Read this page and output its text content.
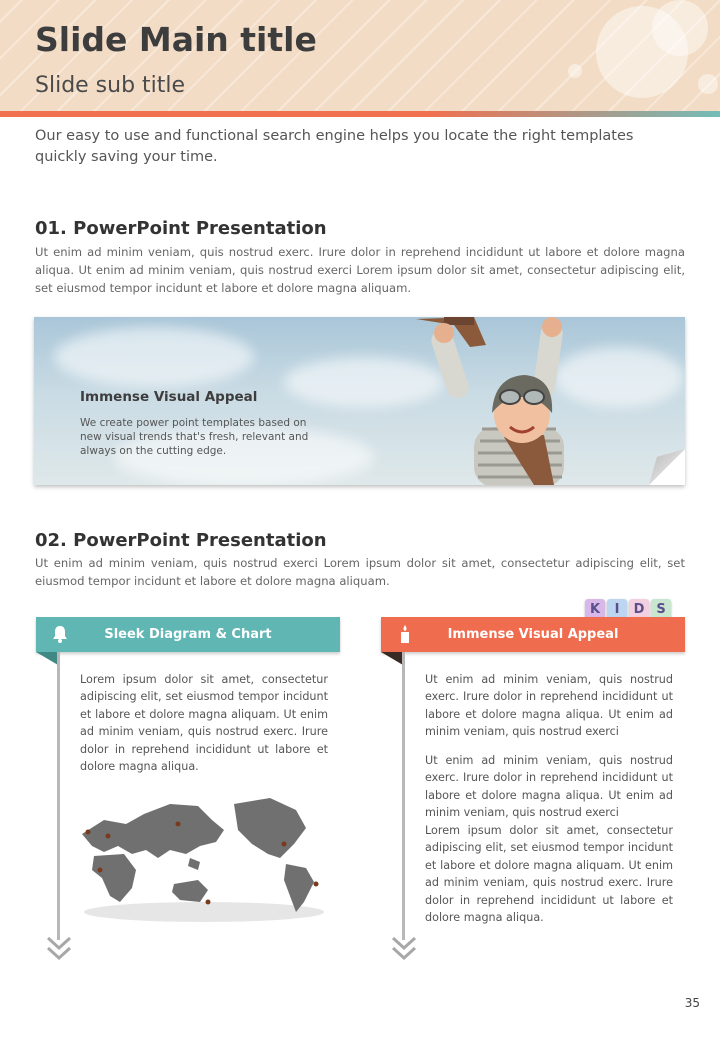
Slide Main title

Slide sub title

Our easy to use and functional search engine helps you locate the right templates quickly saving your time.

01. PowerPoint Presentation

Ut enim ad minim veniam, quis nostrud exerc. Irure dolor in reprehend incididunt ut labore et dolore magna aliqua. Ut enim ad minim veniam, quis nostrud exerci Lorem ipsum dolor sit amet, consectetur adipiscing elit, set eiusmod tempor incidunt et labore et dolore magna aliquam.

Immense Visual Appeal

We create power point templates based on new visual trends that's fresh, relevant and always on the cutting edge.

02. PowerPoint Presentation

Ut enim ad minim veniam, quis nostrud exerci Lorem ipsum dolor sit amet, consectetur adipiscing elit, set eiusmod tempor incidunt et labore et dolore magna aliquam.

K	I	D S
Sleek Diagram & Chart	Immense Visual Appeal

Lorem ipsum dolor sit amet, consectetur adipiscing elit, set eiusmod tempor incidunt et labore et dolore magna aliquam. Ut enim ad minim veniam, quis nostrud exerc. Irure dolor in reprehend incididunt ut labore et dolore magna aliqua.

Ut enim ad minim veniam, quis nostrud exerc. Irure dolor in reprehend incididunt ut labore et dolore magna aliqua. Ut enim ad minim veniam, quis nostrud exerci

Ut enim ad minim veniam, quis nostrud exerc. Irure dolor in reprehend incididunt ut labore et dolore magna aliqua. Ut enim ad minim veniam, quis nostrud exerci

Lorem ipsum dolor sit amet, consectetur adipiscing elit, set eiusmod tempor incidunt et labore et dolore magna aliquam. Ut enim ad minim veniam, quis nostrud exerc. Irure dolor in reprehend incididunt ut labore et dolore magna aliqua.

35
